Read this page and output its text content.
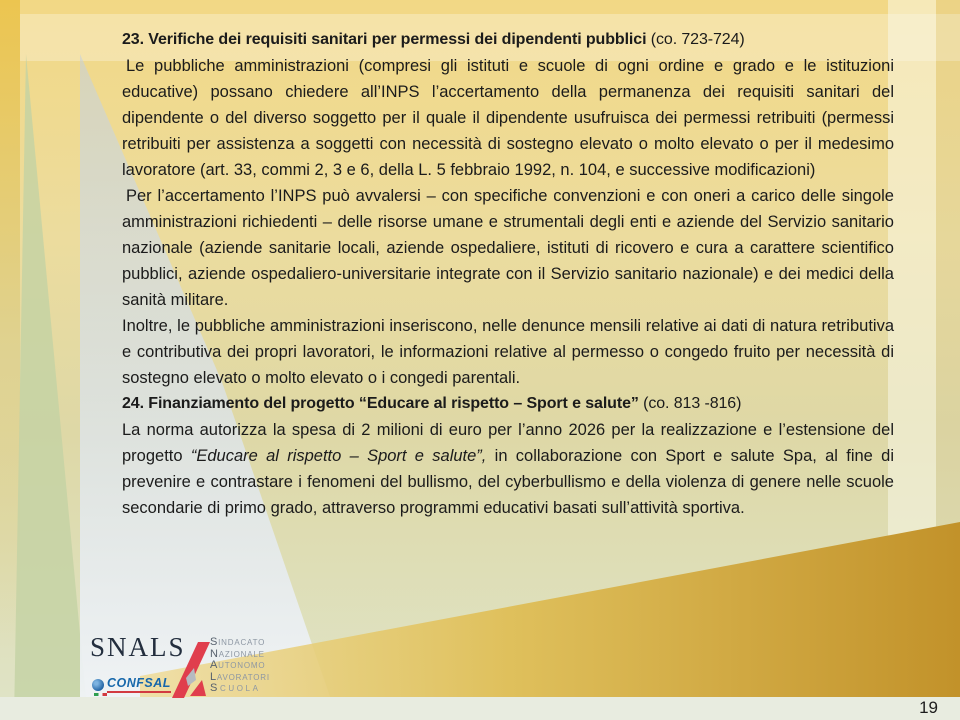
23. Verifiche dei requisiti sanitari per permessi dei dipendenti pubblici (co. 723-724)

Le pubbliche amministrazioni (compresi gli istituti e scuole di ogni ordine e grado e le istituzioni educative) possano chiedere all’INPS l’accertamento della permanenza dei requisiti sanitari del dipendente o del diverso soggetto per il quale il dipendente usufruisca dei permessi retribuiti (permessi retribuiti per assistenza a soggetti con necessità di sostegno elevato o molto elevato o per il medesimo lavoratore (art. 33, commi 2, 3 e 6, della L. 5 febbraio 1992, n. 104, e successive modificazioni)

Per l’accertamento l’INPS può avvalersi – con specifiche convenzioni e con oneri a carico delle singole amministrazioni richiedenti – delle risorse umane e strumentali degli enti e aziende del Servizio sanitario nazionale (aziende sanitarie locali, aziende ospedaliere, istituti di ricovero e cura a carattere scientifico pubblici, aziende ospedaliero-universitarie integrate con il Servizio sanitario nazionale) e dei medici della sanità militare.

Inoltre, le pubbliche amministrazioni inseriscono, nelle denunce mensili relative ai dati di natura retributiva e contributiva dei propri lavoratori, le informazioni relative al permesso o congedo fruito per necessità di sostegno elevato o molto elevato o i congedi parentali.

24. Finanziamento del progetto “Educare al rispetto – Sport e salute” (co. 813 -816)

La norma autorizza la spesa di 2 milioni di euro per l’anno 2026 per la realizzazione e l’estensione del progetto “Educare al rispetto – Sport e salute”, in collaborazione con Sport e salute Spa, al fine di prevenire e contrastare i fenomeni del bullismo, del cyberbullismo e della violenza di genere nelle scuole secondarie di primo grado, attraverso programmi educativi basati sull’attività sportiva.

SNALS
CONFSAL
SINDACATO
NAZIONALE
AUTONOMO
LAVORATORI
SCUOLA
19
